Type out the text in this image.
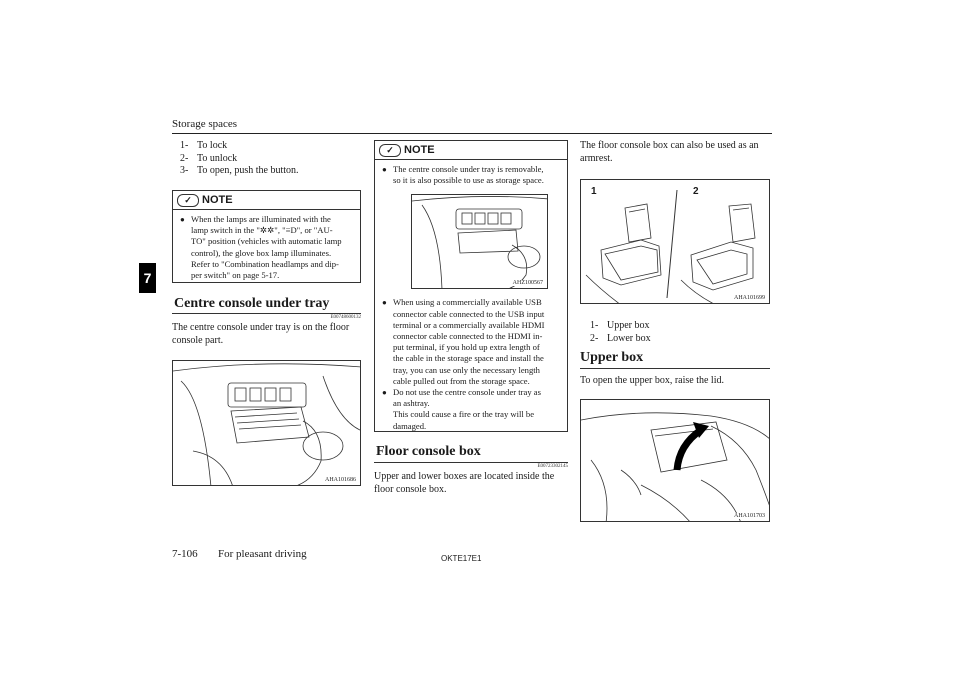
Storage spaces
7
1- To lock
2- To unlock
3- To open, push the button.
✓ NOTE
● When the lamps are illuminated with the
lamp switch in the "✲✲", "≡D", or "AU-
TO" position (vehicles with automatic lamp
control), the glove box lamp illuminates.
Refer to "Combination headlamps and dip-
per switch" on page 5-17.
Centre console under tray
E00748600132
The centre console under tray is on the floor
console part.
AHA101686
✓ NOTE
● The centre console under tray is removable,
so it is also possible to use as storage space.
AHZ100567
● When using a commercially available USB
connector cable connected to the USB input
terminal or a commercially available HDMI
connector cable connected to the HDMI in-
put terminal, if you hold up extra length of
the cable in the storage space and install the
tray, you can use only the necessary length
cable pulled out from the storage space.
● Do not use the centre console under tray as
an ashtray.
This could cause a fire or the tray will be
damaged.
Floor console box
E00723302145
Upper and lower boxes are located inside the
floor console box.
The floor console box can also be used as an
armrest.
1	2
AHA101699
1- Upper box
2- Lower box
Upper box
To open the upper box, raise the lid.
AHA101703
7-106 For pleasant driving	OKTE17E1
